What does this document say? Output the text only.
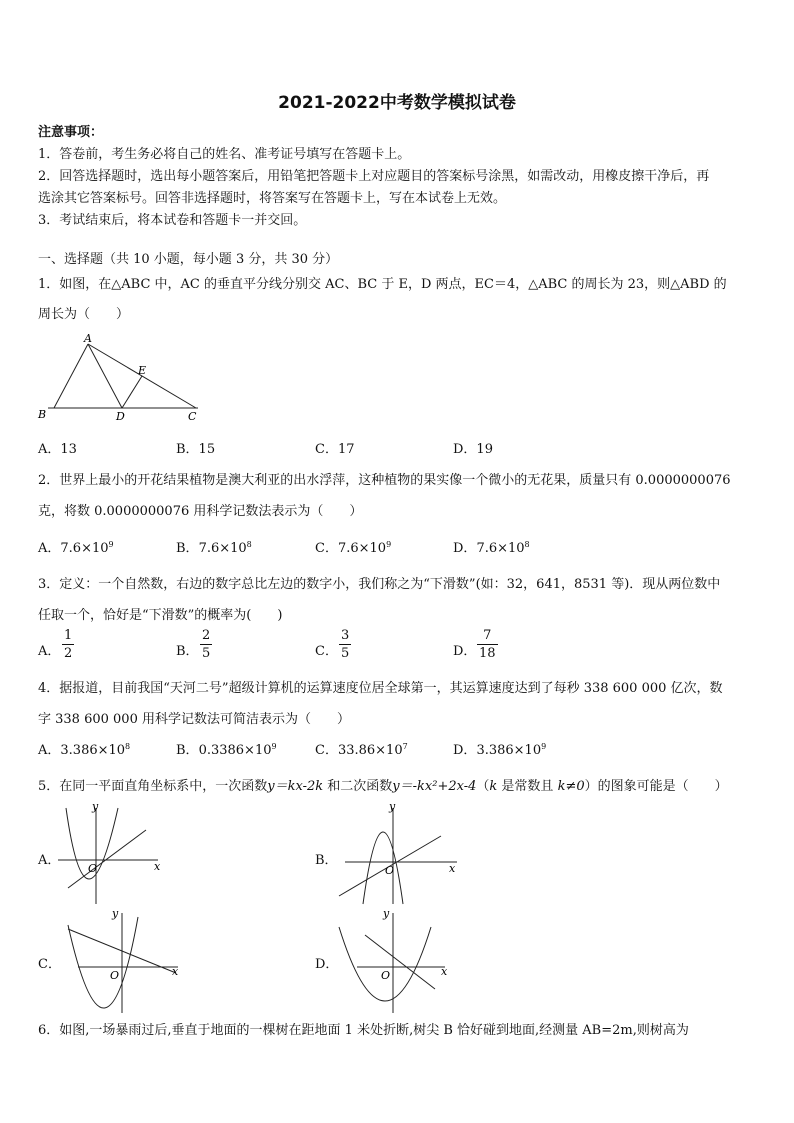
2021-2022中考数学模拟试卷
注意事项：
1．答卷前，考生务必将自己的姓名、准考证号填写在答题卡上。
2．回答选择题时，选出每小题答案后，用铅笔把答题卡上对应题目的答案标号涂黑，如需改动，用橡皮擦干净后，再
选涂其它答案标号。回答非选择题时，将答案写在答题卡上，写在本试卷上无效。
3．考试结束后，将本试卷和答题卡一并交回。
一、选择题（共 10 小题，每小题 3 分，共 30 分）
1．如图，在△ABC 中，AC 的垂直平分线分别交 AC、BC 于 E，D 两点，EC＝4，△ABC 的周长为 23，则△ABD 的
周长为（　　）
A
B	D
E
C
A．13	B．15	C．17	D．19
2．世界上最小的开花结果植物是澳大利亚的出水浮萍，这种植物的果实像一个微小的无花果，质量只有 0.0000000076
克，将数 0.0000000076 用科学记数法表示为（　　）
A．$7.6\times 10^9$	B．$7.6\times 10^8$	C．$7.6\times 10^9$	D．$7.6\times 10^8$
3．定义：一个自然数，右边的数字总比左边的数字小，我们称之为“下滑数”(如：32，641，8531 等)．现从两位数中
任取一个，恰好是“下滑数”的概率为(　　)
A． $\frac{1}{2}$	B． $\frac{2}{5}$	C． $\frac{3}{5}$	D． $\frac{7}{18}$
4．据报道，目前我国“天河二号”超级计算机的运算速度位居全球第一，其运算速度达到了每秒 338 600 000 亿次，数
字 338 600 000 用科学记数法可简洁表示为（　　）
A．$3.386\times 10^8$	B．$0.3386\times 10^9$	C．$33.86\times 10^7$	D．$3.386\times 10^9$
5．在同一平面直角坐标系中，一次函数y＝kx-2k 和二次函数y＝-kx²+2x-4（k 是常数且 k≠0）的图象可能是（　　）
A．
y
x
O
B．
y
x
O
C．
y
x
O
D．
y
x
O
6．如图,一场暴雨过后,垂直于地面的一棵树在距地面 1 米处折断,树尖 B 恰好碰到地面,经测量 AB=2m,则树高为
